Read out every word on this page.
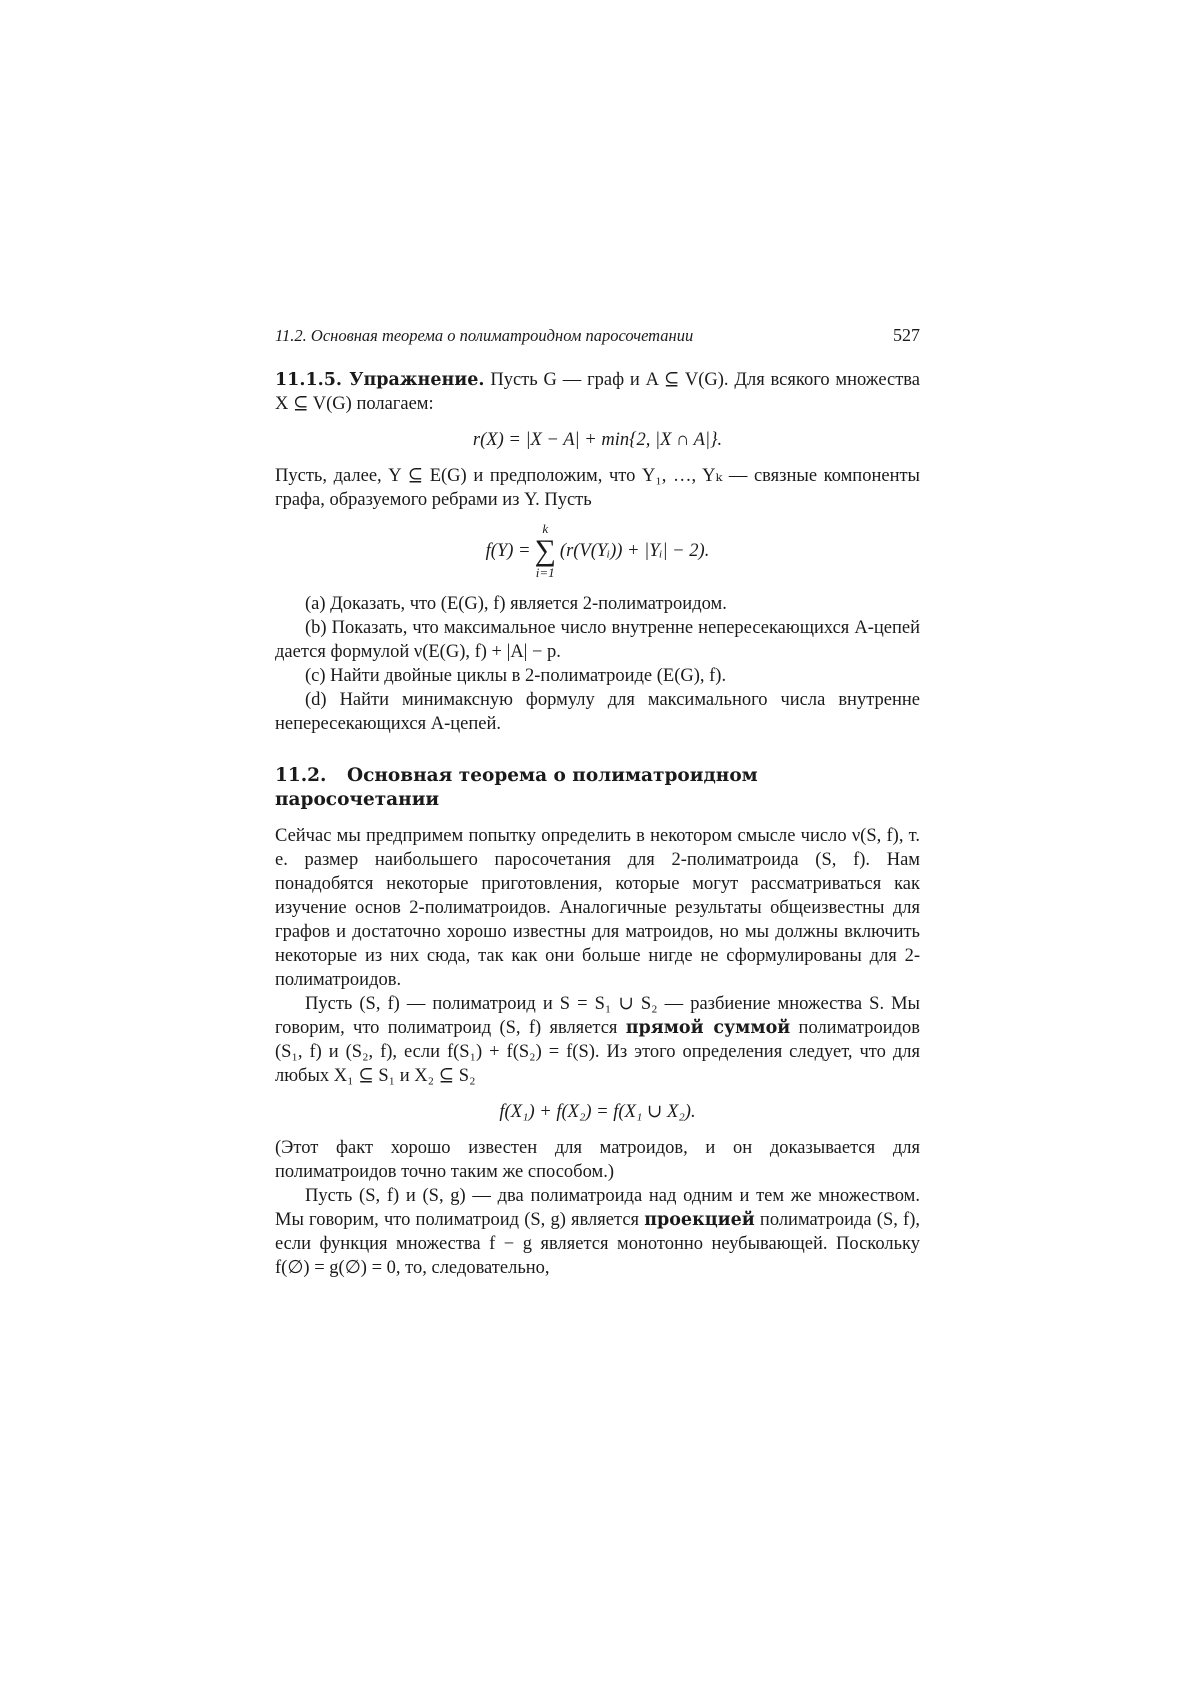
11.2. Основная теорема о полиматроидном паросочетании	527

11.1.5. Упражнение. Пусть G — граф и A ⊆ V(G). Для всякого множества X ⊆ V(G) полагаем:

r(X) = |X − A| + min{2, |X ∩ A|}.

Пусть, далее, Y ⊆ E(G) и предположим, что Y₁, …, Yₖ — связные компоненты графа, образуемого ребрами из Y. Пусть

f(Y) =
k
∑
i=1
(r(V(Yᵢ)) + |Yᵢ| − 2).

(a) Доказать, что (E(G), f) является 2-полиматроидом.

(b) Показать, что максимальное число внутренне непересекающихся A-цепей дается формулой ν(E(G), f) + |A| − p.

(c) Найти двойные циклы в 2-полиматроиде (E(G), f).

(d) Найти минимаксную формулу для максимального числа внутренне непересекающихся A-цепей.

11.2. Основная теорема о полиматроидном
паросочетании

Сейчас мы предпримем попытку определить в некотором смысле число ν(S, f), т. е. размер наибольшего паросочетания для 2-полиматроида (S, f). Нам понадобятся некоторые приготовления, которые могут рассматриваться как изучение основ 2-полиматроидов. Аналогичные результаты общеизвестны для графов и достаточно хорошо известны для матроидов, но мы должны включить некоторые из них сюда, так как они больше нигде не сформулированы для 2-полиматроидов.

Пусть (S, f) — полиматроид и S = S₁ ∪ S₂ — разбиение множества S. Мы говорим, что полиматроид (S, f) является прямой суммой полиматроидов (S₁, f) и (S₂, f), если f(S₁) + f(S₂) = f(S). Из этого определения следует, что для любых X₁ ⊆ S₁ и X₂ ⊆ S₂

f(X₁) + f(X₂) = f(X₁ ∪ X₂).

(Этот факт хорошо известен для матроидов, и он доказывается для полиматроидов точно таким же способом.)

Пусть (S, f) и (S, g) — два полиматроида над одним и тем же множеством. Мы говорим, что полиматроид (S, g) является проекцией полиматроида (S, f), если функция множества f − g является монотонно неубывающей. Поскольку f(∅) = g(∅) = 0, то, следовательно,
